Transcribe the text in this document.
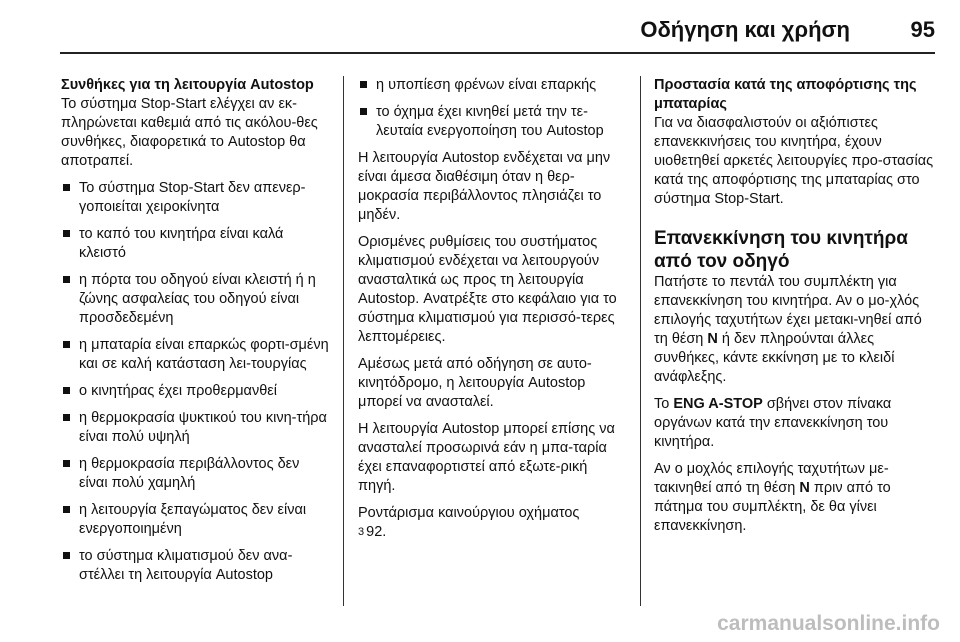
Οδήγηση και χρήση	95
Συνθήκες για τη λειτουργία Autostop

Το σύστημα Stop-Start ελέγχει αν εκ-πληρώνεται καθεμιά από τις ακόλου-θες συνθήκες, διαφορετικά το Autostop θα αποτραπεί.

Το σύστημα Stop-Start δεν απενερ-γοποιείται χειροκίνητα
το καπό του κινητήρα είναι καλά κλειστό
η πόρτα του οδηγού είναι κλειστή ή η ζώνης ασφαλείας του οδηγού είναι προσδεδεμένη
η μπαταρία είναι επαρκώς φορτι-σμένη και σε καλή κατάσταση λει-τουργίας
ο κινητήρας έχει προθερμανθεί
η θερμοκρασία ψυκτικού του κινη-τήρα είναι πολύ υψηλή
η θερμοκρασία περιβάλλοντος δεν είναι πολύ χαμηλή
η λειτουργία ξεπαγώματος δεν είναι ενεργοποιημένη
το σύστημα κλιματισμού δεν ανα-στέλλει τη λειτουργία Autostop
η υποπίεση φρένων είναι επαρκής
το όχημα έχει κινηθεί μετά την τε-λευταία ενεργοποίηση του Autostop

Η λειτουργία Autostop ενδέχεται να μην είναι άμεσα διαθέσιμη όταν η θερ-μοκρασία περιβάλλοντος πλησιάζει το μηδέν.

Ορισμένες ρυθμίσεις του συστήματος κλιματισμού ενδέχεται να λειτουργούν ανασταλτικά ως προς τη λειτουργία Autostop. Ανατρέξτε στο κεφάλαιο για το σύστημα κλιματισμού για περισσό-τερες λεπτομέρειες.

Αμέσως μετά από οδήγηση σε αυτο-κινητόδρομο, η λειτουργία Autostop μπορεί να ανασταλεί.

Η λειτουργία Autostop μπορεί επίσης να ανασταλεί προσωρινά εάν η μπα-ταρία έχει επαναφορτιστεί από εξωτε-ρική πηγή.

Ροντάρισμα καινούργιου οχήματος
3 92.

Προστασία κατά της αποφόρτισης της μπαταρίας

Για να διασφαλιστούν οι αξιόπιστες επανεκκινήσεις του κινητήρα, έχουν υιοθετηθεί αρκετές λειτουργίες προ-στασίας κατά της αποφόρτισης της μπαταρίας στο σύστημα Stop-Start.

Επανεκκίνηση του κινητήρα από τον οδηγό

Πατήστε το πεντάλ του συμπλέκτη για επανεκκίνηση του κινητήρα. Αν ο μο-χλός επιλογής ταχυτήτων έχει μετακι-νηθεί από τη θέση N ή δεν πληρούνται άλλες συνθήκες, κάντε εκκίνηση με το κλειδί ανάφλεξης.

Το ENG A-STOP σβήνει στον πίνακα οργάνων κατά την επανεκκίνηση του κινητήρα.

Αν ο μοχλός επιλογής ταχυτήτων με-τακινηθεί από τη θέση N πριν από το πάτημα του συμπλέκτη, δε θα γίνει επανεκκίνηση.

carmanualsonline.info
